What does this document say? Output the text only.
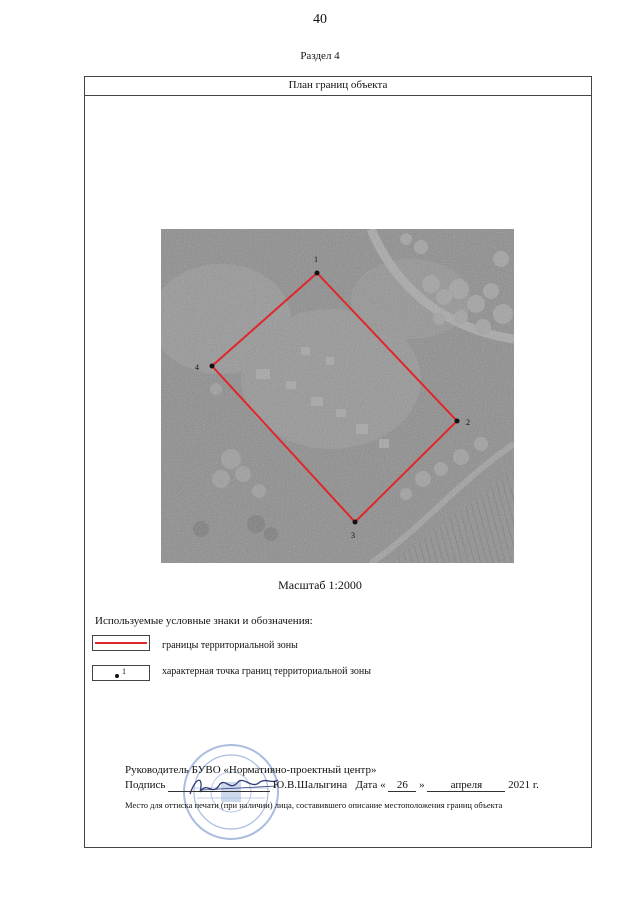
40
Раздел 4
План границ объекта
1
2
3
4
Масштаб 1:2000
Используемые условные знаки и обозначения:
границы территориальной зоны
1	характерная точка границ территориальной зоны
Руководитель БУВО «Нормативно-проектный центр»
Подпись	Ю.В.Шалыгина Дата « 26 » апреля 2021 г.
Место для оттиска печати (при наличии) лица, составившего описание местоположения границ объекта
